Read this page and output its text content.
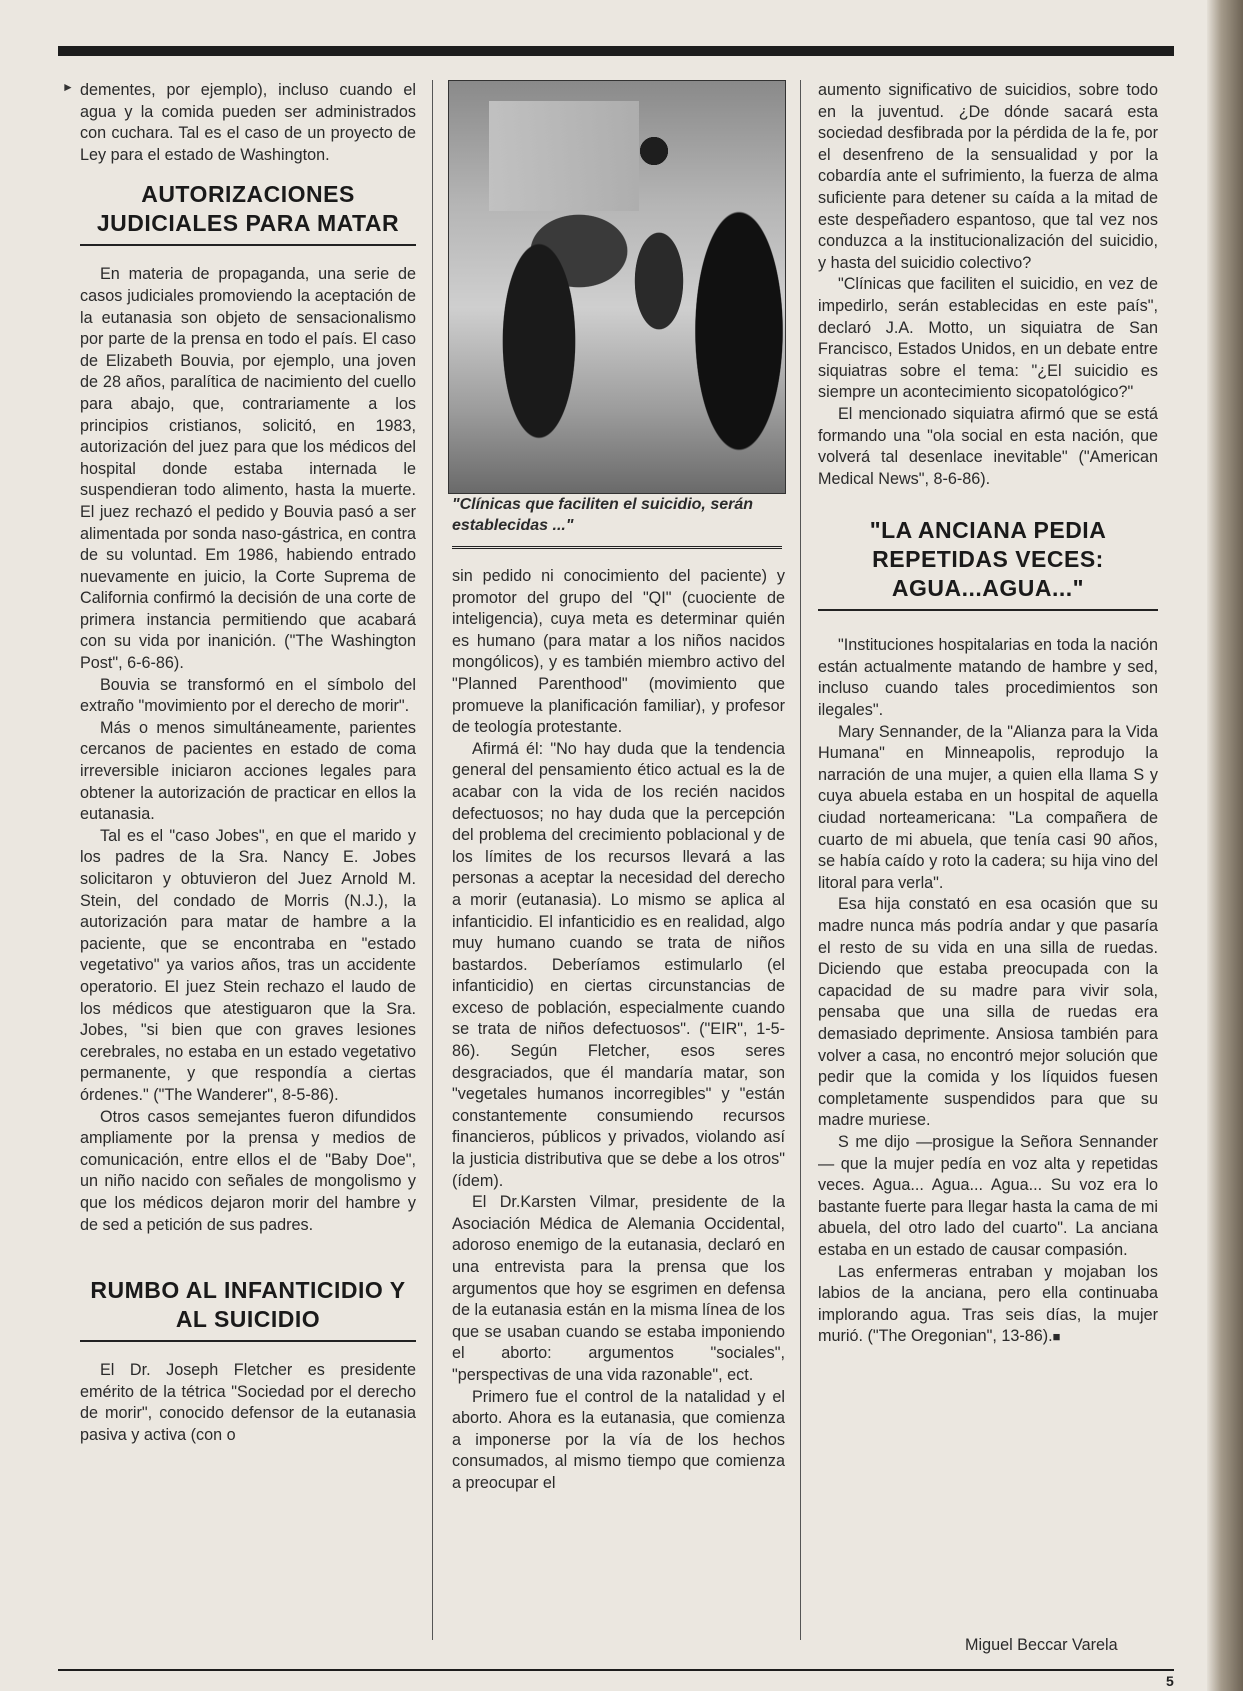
► dementes, por ejemplo), incluso cuando el agua y la comida pueden ser administrados con cuchara. Tal es el caso de un proyecto de Ley para el estado de Washington.

AUTORIZACIONES JUDICIALES PARA MATAR

En materia de propaganda, una serie de casos judiciales promoviendo la aceptación de la eutanasia son objeto de sensacionalismo por parte de la prensa en todo el país. El caso de Elizabeth Bouvia, por ejemplo, una joven de 28 años, paralítica de nacimiento del cuello para abajo, que, contrariamente a los principios cristianos, solicitó, en 1983, autorización del juez para que los médicos del hospital donde estaba internada le suspendieran todo alimento, hasta la muerte. El juez rechazó el pedido y Bouvia pasó a ser alimentada por sonda naso-gástrica, en contra de su voluntad. Em 1986, habiendo entrado nuevamente en juicio, la Corte Suprema de California confirmó la decisión de una corte de primera instancia permitiendo que acabará con su vida por inanición. ("The Washington Post", 6-6-86).

Bouvia se transformó en el símbolo del extraño "movimiento por el derecho de morir".

Más o menos simultáneamente, parientes cercanos de pacientes en estado de coma irreversible iniciaron acciones legales para obtener la autorización de practicar en ellos la eutanasia.

Tal es el "caso Jobes", en que el marido y los padres de la Sra. Nancy E. Jobes solicitaron y obtuvieron del Juez Arnold M. Stein, del condado de Morris (N.J.), la autorización para matar de hambre a la paciente, que se encontraba en "estado vegetativo" ya varios años, tras un accidente operatorio. El juez Stein rechazo el laudo de los médicos que atestiguaron que la Sra. Jobes, "si bien que con graves lesiones cerebrales, no estaba en un estado vegetativo permanente, y que respondía a ciertas órdenes." ("The Wanderer", 8-5-86).

Otros casos semejantes fueron difundidos ampliamente por la prensa y medios de comunicación, entre ellos el de "Baby Doe", un niño nacido con señales de mongolismo y que los médicos dejaron morir del hambre y de sed a petición de sus padres.

RUMBO AL INFANTICIDIO Y AL SUICIDIO

El Dr. Joseph Fletcher es presidente emérito de la tétrica "Sociedad por el derecho de morir", conocido defensor de la eutanasia pasiva y activa (con o

"Clínicas que faciliten el suicidio, serán establecidas ..."

sin pedido ni conocimiento del paciente) y promotor del grupo del "QI" (cuociente de inteligencia), cuya meta es determinar quién es humano (para matar a los niños nacidos mongólicos), y es también miembro activo del "Planned Parenthood" (movimiento que promueve la planificación familiar), y profesor de teología protestante.

Afirmá él: "No hay duda que la tendencia general del pensamiento ético actual es la de acabar con la vida de los recién nacidos defectuosos; no hay duda que la percepción del problema del crecimiento poblacional y de los límites de los recursos llevará a las personas a aceptar la necesidad del derecho a morir (eutanasia). Lo mismo se aplica al infanticidio. El infanticidio es en realidad, algo muy humano cuando se trata de niños bastardos. Deberíamos estimularlo (el infanticidio) en ciertas circunstancias de exceso de población, especialmente cuando se trata de niños defectuosos". ("EIR", 1-5-86). Según Fletcher, esos seres desgraciados, que él mandaría matar, son "vegetales humanos incorregibles" y "están constantemente consumiendo recursos financieros, públicos y privados, violando así la justicia distributiva que se debe a los otros" (ídem).

El Dr.Karsten Vilmar, presidente de la Asociación Médica de Alemania Occidental, adoroso enemigo de la eutanasia, declaró en una entrevista para la prensa que los argumentos que hoy se esgrimen en defensa de la eutanasia están en la misma línea de los que se usaban cuando se estaba imponiendo el aborto: argumentos "sociales", "perspectivas de una vida razonable", ect.

Primero fue el control de la natalidad y el aborto. Ahora es la eutanasia, que comienza a imponerse por la vía de los hechos consumados, al mismo tiempo que comienza a preocupar el

aumento significativo de suicidios, sobre todo en la juventud. ¿De dónde sacará esta sociedad desfibrada por la pérdida de la fe, por el desenfreno de la sensualidad y por la cobardía ante el sufrimiento, la fuerza de alma suficiente para detener su caída a la mitad de este despeñadero espantoso, que tal vez nos conduzca a la institucionalización del suicidio, y hasta del suicidio colectivo?

"Clínicas que faciliten el suicidio, en vez de impedirlo, serán establecidas en este país", declaró J.A. Motto, un siquiatra de San Francisco, Estados Unidos, en un debate entre siquiatras sobre el tema: "¿El suicidio es siempre un acontecimiento sicopatológico?"

El mencionado siquiatra afirmó que se está formando una "ola social en esta nación, que volverá tal desenlace inevitable" ("American Medical News", 8-6-86).

"LA ANCIANA PEDIA REPETIDAS VECES: AGUA...AGUA..."

"Instituciones hospitalarias en toda la nación están actualmente matando de hambre y sed, incluso cuando tales procedimientos son ilegales".

Mary Sennander, de la "Alianza para la Vida Humana" en Minneapolis, reprodujo la narración de una mujer, a quien ella llama S y cuya abuela estaba en un hospital de aquella ciudad norteamericana: "La compañera de cuarto de mi abuela, que tenía casi 90 años, se había caído y roto la cadera; su hija vino del litoral para verla".

Esa hija constató en esa ocasión que su madre nunca más podría andar y que pasaría el resto de su vida en una silla de ruedas. Diciendo que estaba preocupada con la capacidad de su madre para vivir sola, pensaba que una silla de ruedas era demasiado deprimente. Ansiosa también para volver a casa, no encontró mejor solución que pedir que la comida y los líquidos fuesen completamente suspendidos para que su madre muriese.

S me dijo —prosigue la Señora Sennander— que la mujer pedía en voz alta y repetidas veces. Agua... Agua... Agua... Su voz era lo bastante fuerte para llegar hasta la cama de mi abuela, del otro lado del cuarto". La anciana estaba en un estado de causar compasión.

Las enfermeras entraban y mojaban los labios de la anciana, pero ella continuaba implorando agua. Tras seis días, la mujer murió. ("The Oregonian", 13-86).■

Miguel Beccar Varela
5
